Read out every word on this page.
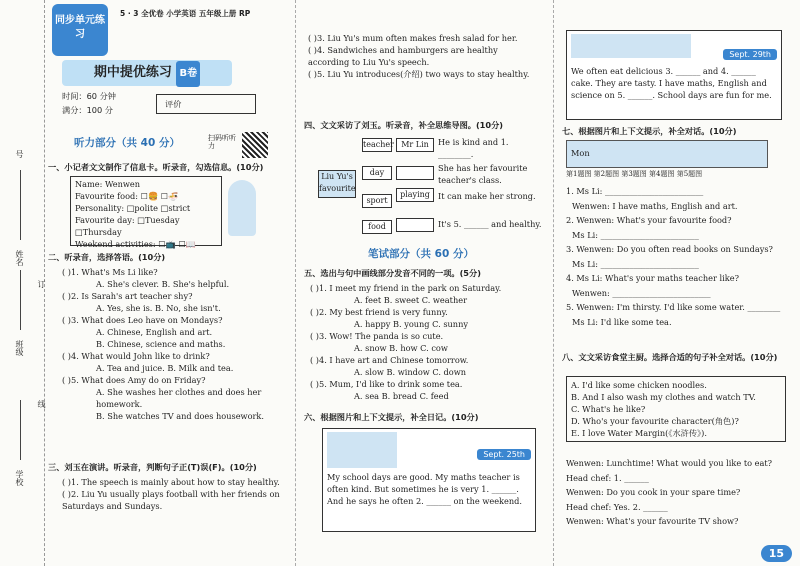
学校
班级
姓名
号
订
线
同步单元练习
5 · 3 全优卷 小学英语 五年级上册 RP
期中提优练习 B卷
时间：60 分钟
满分：100 分
评价
听力部分（共 40 分）	扫码听听力
一、小记者文文制作了信息卡。听录音，勾选信息。(10分)
Name: Wenwen
Favourite food: ☐🍔 ☐🍜
Personality: □polite □strict
Favourite day: □Tuesday □Thursday
Weekend activities: ☐📺 ☐📖
二、听录音，选择答语。(10分)
( )1. What's Ms Li like?
A. She's clever. B. She's helpful.
( )2. Is Sarah's art teacher shy?
A. Yes, she is. B. No, she isn't.
( )3. What does Leo have on Mondays?
A. Chinese, English and art.
B. Chinese, science and maths.
( )4. What would John like to drink?
A. Tea and juice. B. Milk and tea.
( )5. What does Amy do on Friday?
A. She washes her clothes and does her homework.
B. She watches TV and does housework.
三、刘玉在演讲。听录音，判断句子正(T)误(F)。(10分)
( )1. The speech is mainly about how to stay healthy.
( )2. Liu Yu usually plays football with her friends on Saturdays and Sundays.
( )3. Liu Yu's mum often makes fresh salad for her.
( )4. Sandwiches and hamburgers are healthy according to Liu Yu's speech.
( )5. Liu Yu introduces(介绍) two ways to stay healthy.
四、文文采访了刘玉。听录音，补全思维导图。(10分)
Liu Yu's favourite
teacher Mr Lin
day
sport
playing
food
He is kind and 1. ________.
She has her favourite teacher's class.
It can make her strong.
It's 5. ______ and healthy.
笔试部分（共 60 分）
五、选出与句中画线部分发音不同的一项。(5分)
( )1. I meet my friend in the park on Saturday.
A. feet B. sweet C. weather
( )2. My best friend is very funny.
A. happy B. young C. sunny
( )3. Wow! The panda is so cute.
A. snow B. how C. cow
( )4. I have art and Chinese tomorrow.
A. slow B. window C. down
( )5. Mum, I'd like to drink some tea.
A. sea B. bread C. feed
六、根据图片和上下文提示，补全日记。(10分)
Sept. 25th
My school days are good. My maths teacher is often kind. But sometimes he is very 1. ______. And he says he often 2. ______ on the weekend.
Sept. 29th
We often eat delicious 3. ______ and 4. ______ cake. They are tasty. I have maths, English and science on 5. ______. School days are fun for me.
七、根据图片和上下文提示，补全对话。(10分)
Mon
第1题图 第2题图 第3题图 第4题图 第5题图
1. Ms Li: ________________________
Wenwen: I have maths, English and art.
2. Wenwen: What's your favourite food?
Ms Li: ________________________
3. Wenwen: Do you often read books on Sundays?
Ms Li: ________________________
4. Ms Li: What's your maths teacher like?
Wenwen: ________________________
5. Wenwen: I'm thirsty. I'd like some water. ________
Ms Li: I'd like some tea.
八、文文采访食堂主厨。选择合适的句子补全对话。(10分)
A. I'd like some chicken noodles.
B. And I also wash my clothes and watch TV.
C. What's he like?
D. Who's your favourite character(角色)?
E. I love Water Margin(《水浒传》).
Wenwen: Lunchtime! What would you like to eat?
Head chef: 1. ______
Wenwen: Do you cook in your spare time?
Head chef: Yes. 2. ______
Wenwen: What's your favourite TV show?
15
